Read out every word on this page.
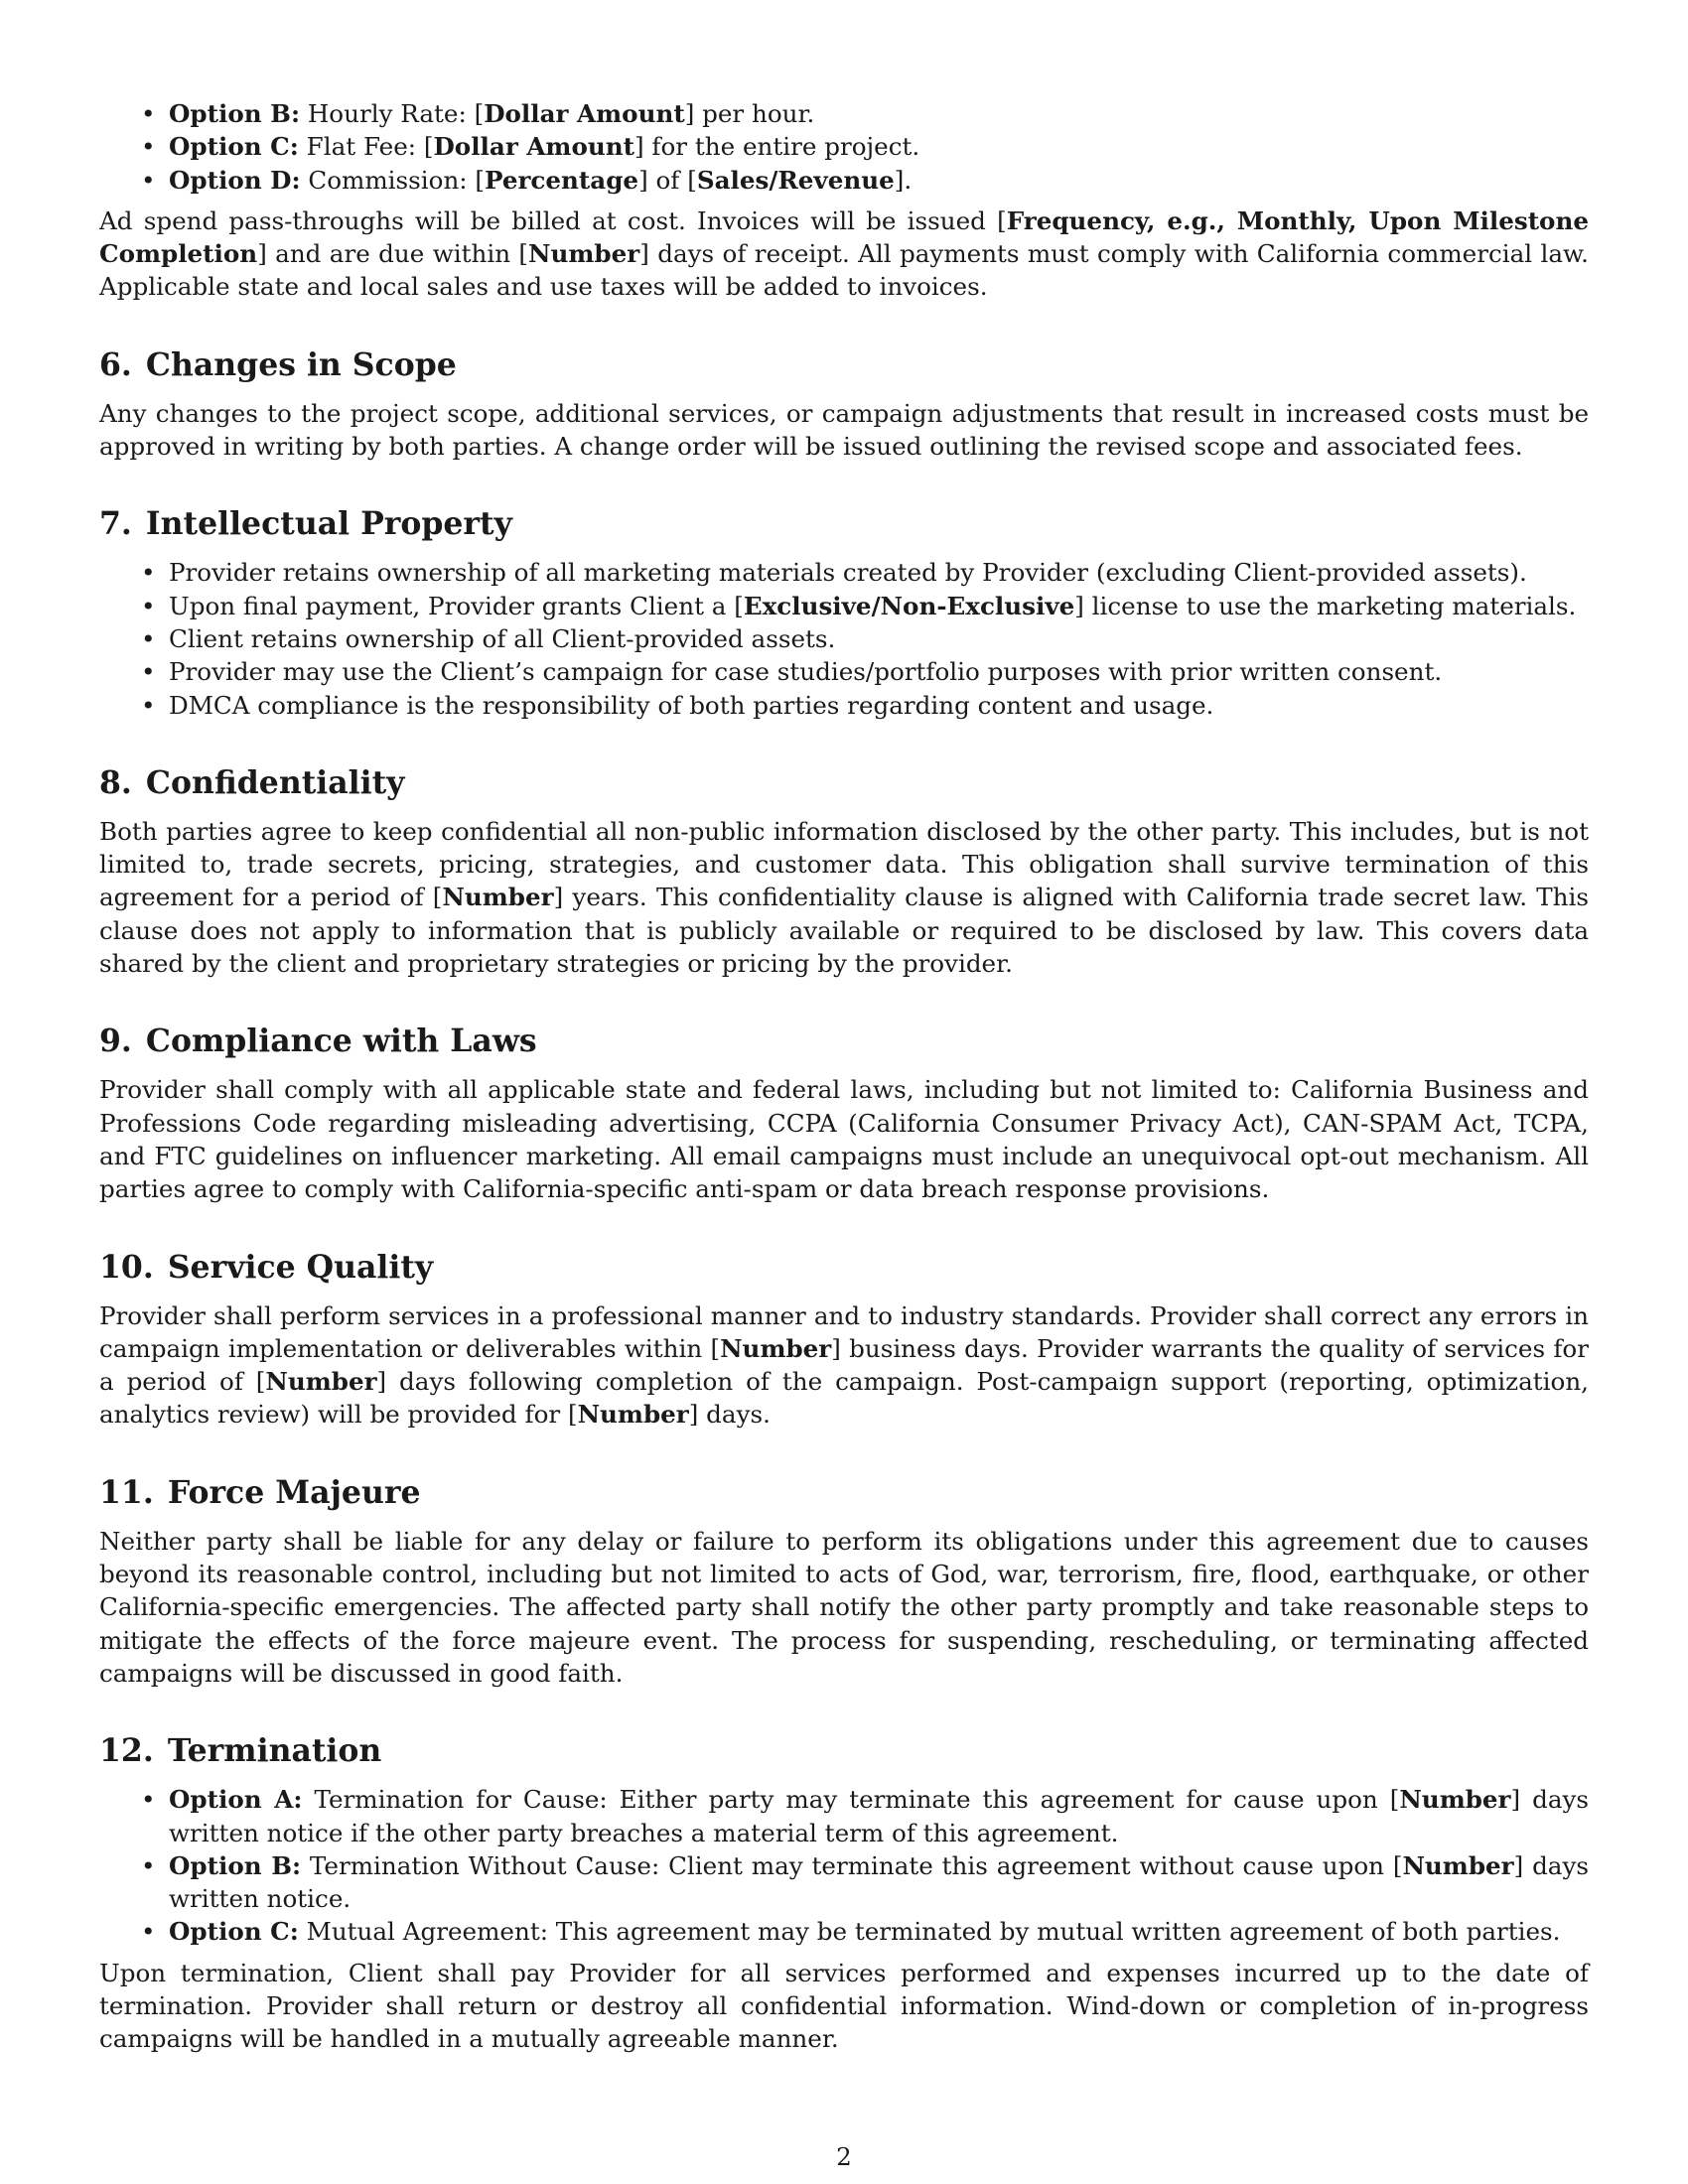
• Option B: Hourly Rate: [Dollar Amount] per hour.
• Option C: Flat Fee: [Dollar Amount] for the entire project.
• Option D: Commission: [Percentage] of [Sales/Revenue].

Ad spend pass-throughs will be billed at cost. Invoices will be issued [Frequency, e.g., Monthly, Upon Milestone Completion] and are due within [Number] days of receipt. All payments must comply with California commercial law. Applicable state and local sales and use taxes will be added to invoices.

6. Changes in Scope

Any changes to the project scope, additional services, or campaign adjustments that result in increased costs must be approved in writing by both parties. A change order will be issued outlining the revised scope and associated fees.

7. Intellectual Property
• Provider retains ownership of all marketing materials created by Provider (excluding Client-provided assets).
• Upon final payment, Provider grants Client a [Exclusive/Non-Exclusive] license to use the marketing materials.
• Client retains ownership of all Client-provided assets.
• Provider may use the Client’s campaign for case studies/portfolio purposes with prior written consent.
• DMCA compliance is the responsibility of both parties regarding content and usage.
8. Confidentiality

Both parties agree to keep confidential all non-public information disclosed by the other party. This includes, but is not limited to, trade secrets, pricing, strategies, and customer data. This obligation shall survive termination of this agreement for a period of [Number] years. This confidentiality clause is aligned with California trade secret law. This clause does not apply to information that is publicly available or required to be disclosed by law. This covers data shared by the client and proprietary strategies or pricing by the provider.

9. Compliance with Laws

Provider shall comply with all applicable state and federal laws, including but not limited to: California Business and Professions Code regarding misleading advertising, CCPA (California Consumer Privacy Act), CAN-SPAM Act, TCPA, and FTC guidelines on influencer marketing. All email campaigns must include an unequivocal opt-out mechanism. All parties agree to comply with California-specific anti-spam or data breach response provisions.

10. Service Quality

Provider shall perform services in a professional manner and to industry standards. Provider shall correct any errors in campaign implementation or deliverables within [Number] business days. Provider warrants the quality of services for a period of [Number] days following completion of the campaign. Post-campaign support (reporting, optimization, analytics review) will be provided for [Number] days.

11. Force Majeure

Neither party shall be liable for any delay or failure to perform its obligations under this agreement due to causes beyond its reasonable control, including but not limited to acts of God, war, terrorism, fire, flood, earthquake, or other California-specific emergencies. The affected party shall notify the other party promptly and take reasonable steps to mitigate the effects of the force majeure event. The process for suspending, rescheduling, or terminating affected campaigns will be discussed in good faith.

12. Termination
• Option A: Termination for Cause: Either party may terminate this agreement for cause upon [Number] days written notice if the other party breaches a material term of this agreement.
• Option B: Termination Without Cause: Client may terminate this agreement without cause upon [Number] days written notice.
• Option C: Mutual Agreement: This agreement may be terminated by mutual written agreement of both parties.

Upon termination, Client shall pay Provider for all services performed and expenses incurred up to the date of termination. Provider shall return or destroy all confidential information. Wind-down or completion of in-progress campaigns will be handled in a mutually agreeable manner.

2
